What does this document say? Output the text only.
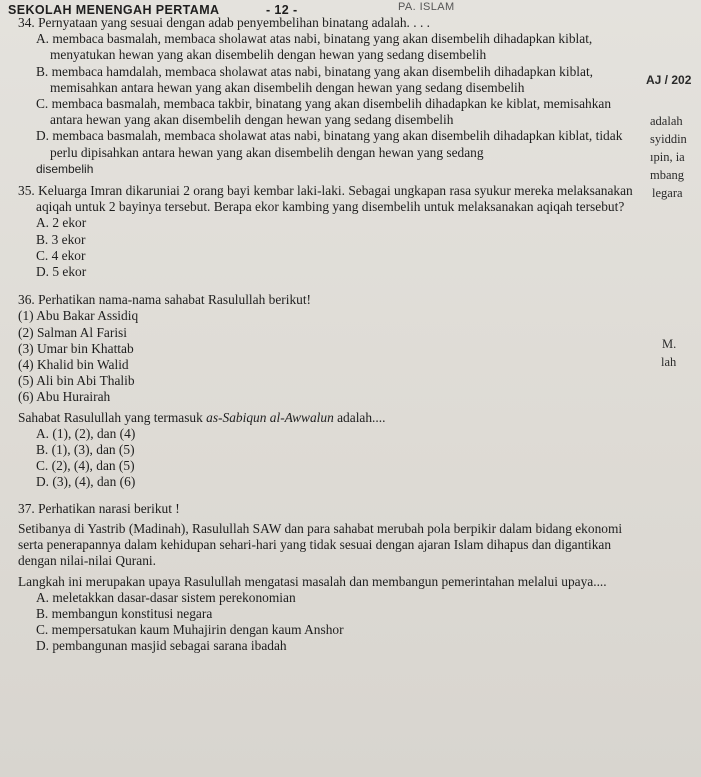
SEKOLAH MENENGAH PERTAMA	- 12 -	PA. ISLAM
34. Pernyataan yang sesuai dengan adab penyembelihan binatang adalah. . . .
A. membaca basmalah, membaca sholawat atas nabi, binatang yang akan disembelih dihadapkan kiblat, menyatukan hewan yang akan disembelih dengan hewan yang sedang disembelih
B. membaca hamdalah, membaca sholawat atas nabi, binatang yang akan disembelih dihadapkan kiblat, memisahkan antara hewan yang akan disembelih dengan hewan yang sedang disembelih
C. membaca basmalah, membaca takbir, binatang yang akan disembelih dihadapkan ke kiblat, memisahkan antara hewan yang akan disembelih dengan hewan yang sedang disembelih
D. membaca basmalah, membaca sholawat atas nabi, binatang yang akan disembelih dihadapkan kiblat, tidak perlu dipisahkan antara hewan yang akan disembelih dengan hewan yang sedang
disembelih
35. Keluarga Imran dikaruniai 2 orang bayi kembar laki-laki. Sebagai ungkapan rasa syukur mereka melaksanakan aqiqah untuk 2 bayinya tersebut. Berapa ekor kambing yang disembelih untuk melaksanakan aqiqah tersebut?
A. 2 ekor
B. 3 ekor
C. 4 ekor
D. 5 ekor
36. Perhatikan nama-nama sahabat Rasulullah berikut!
(1) Abu Bakar Assidiq
(2) Salman Al Farisi
(3) Umar bin Khattab
(4) Khalid bin Walid
(5) Ali bin Abi Thalib
(6) Abu Hurairah
Sahabat Rasulullah yang termasuk as-Sabiqun al-Awwalun adalah....
A. (1), (2), dan (4)
B. (1), (3), dan (5)
C. (2), (4), dan (5)
D. (3), (4), dan (6)
37. Perhatikan narasi berikut !
Setibanya di Yastrib (Madinah), Rasulullah SAW dan para sahabat merubah pola berpikir dalam bidang ekonomi serta penerapannya dalam kehidupan sehari-hari yang tidak sesuai dengan ajaran Islam dihapus dan digantikan dengan nilai-nilai Qurani.
Langkah ini merupakan upaya Rasulullah mengatasi masalah dan membangun pemerintahan melalui upaya....
A. meletakkan dasar-dasar sistem perekonomian
B. membangun konstitusi negara
C. mempersatukan kaum Muhajirin dengan kaum Anshor
D. pembangunan masjid sebagai sarana ibadah
AJ / 202
adalah
syiddin
ıpin, ia
mbang
legara
M.
lah
